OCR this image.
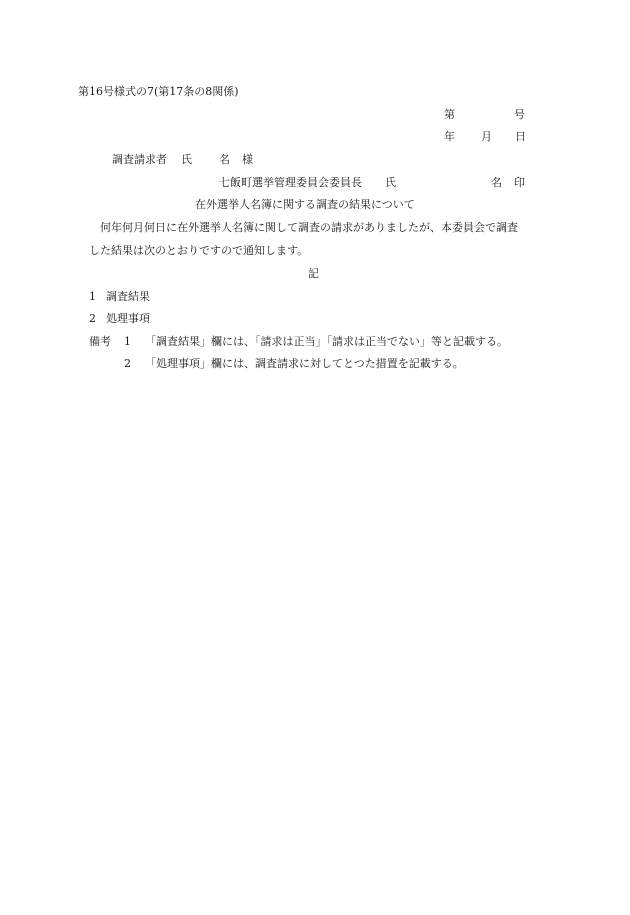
第16号様式の7(第17条の8関係)
第	号
年 月 日
調査請求者 氏 名 様
七飯町選挙管理委員会委員長 氏	名 印
在外選挙人名簿に関する調査の結果について
何年何月何日に在外選挙人名簿に関して調査の請求がありましたが、本委員会で調査
した結果は次のとおりですので通知します。
記
1 調査結果
2 処理事項
備考 1 「調査結果」欄には、「請求は正当」「請求は正当でない」等と記載する。
2 「処理事項」欄には、調査請求に対してとつた措置を記載する。
